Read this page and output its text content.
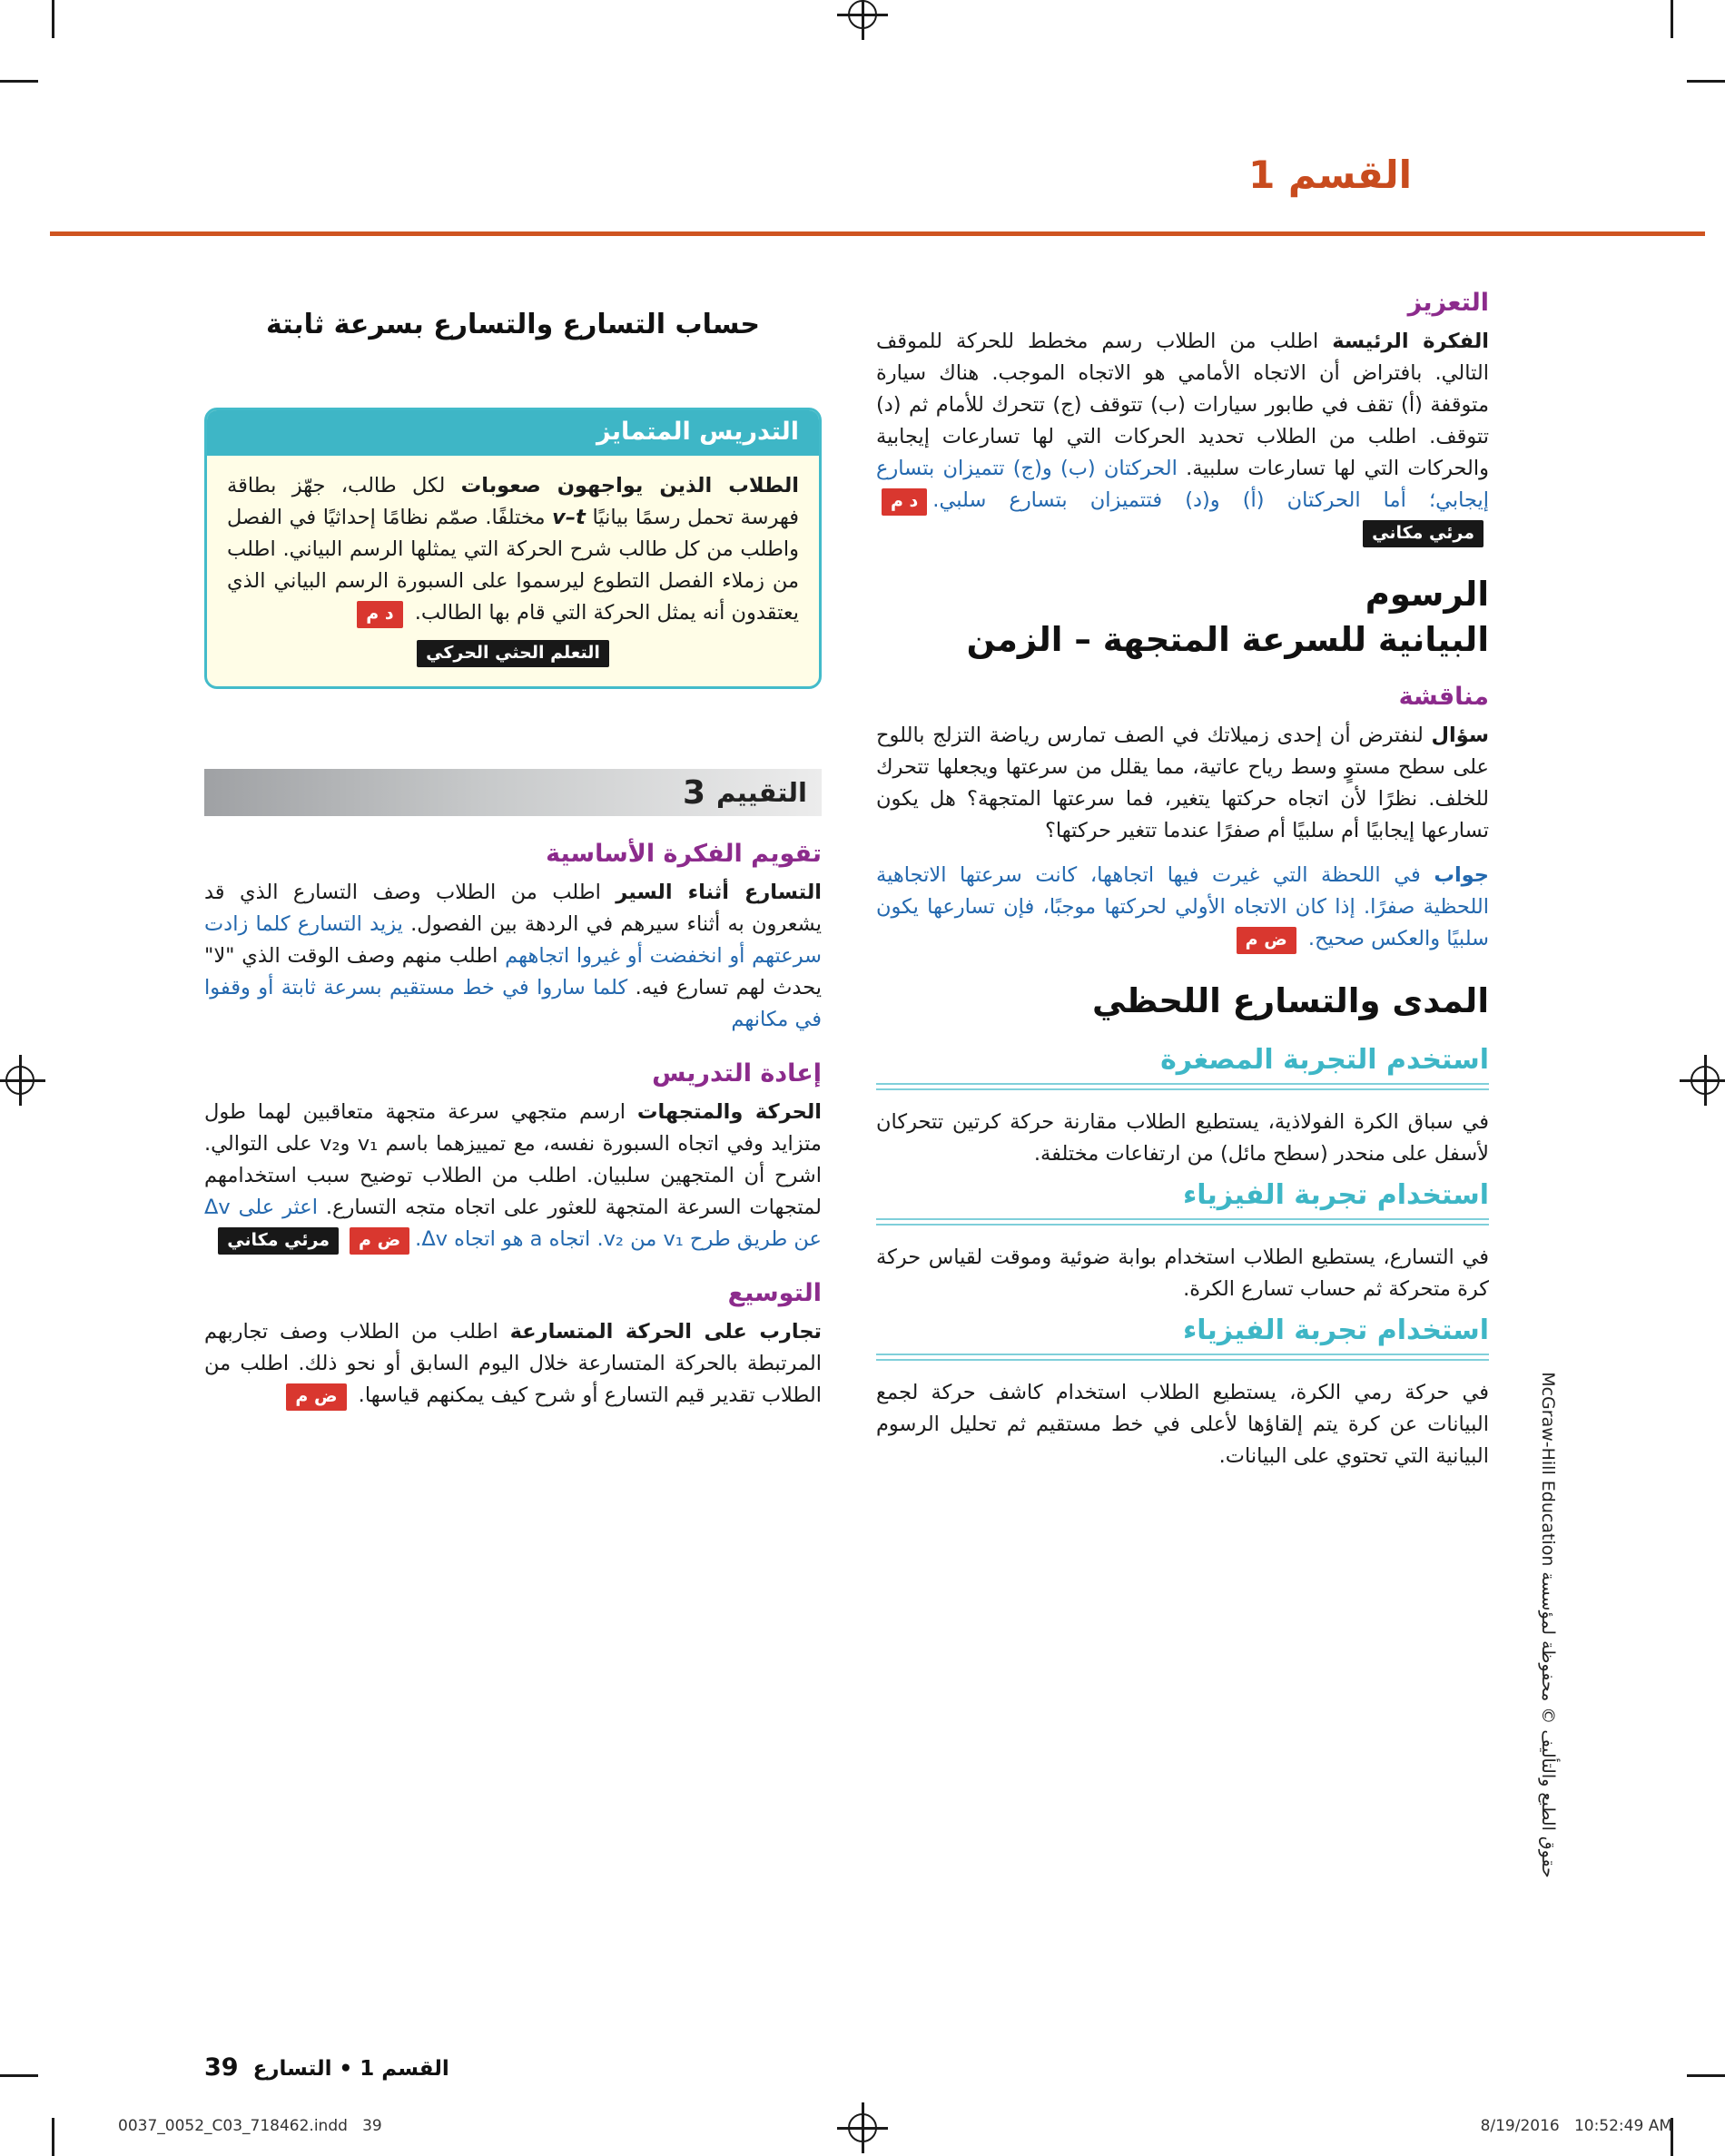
القسم 1
التعزيز

الفكرة الرئيسة اطلب من الطلاب رسم مخطط للحركة للموقف التالي. بافتراض أن الاتجاه الأمامي هو الاتجاه الموجب. هناك سيارة متوقفة (أ) تقف في طابور سيارات (ب) تتوقف (ج) تتحرك للأمام ثم (د) تتوقف. اطلب من الطلاب تحديد الحركات التي لها تسارعات إيجابية والحركات التي لها تسارعات سلبية. الحركتان (ب) و(ج) تتميزان بتسارع إيجابي؛ أما الحركتان (أ) و(د) فتتميزان بتسارع سلبي.د ممرئي مكاني

الرسوم
البيانية للسرعة المتجهة – الزمن
مناقشة

سؤال لنفترض أن إحدى زميلاتك في الصف تمارس رياضة التزلج باللوح على سطح مستوٍ وسط رياح عاتية، مما يقلل من سرعتها ويجعلها تتحرك للخلف. نظرًا لأن اتجاه حركتها يتغير، فما سرعتها المتجهة؟ هل يكون تسارعها إيجابيًا أم سلبيًا أم صفرًا عندما تتغير حركتها؟

جواب في اللحظة التي غيرت فيها اتجاهها، كانت سرعتها الاتجاهية اللحظية صفرًا. إذا كان الاتجاه الأولي لحركتها موجبًا، فإن تسارعها يكون سلبيًا والعكس صحيح. ض م

المدى والتسارع اللحظي
استخدم التجربة المصغرة

في سباق الكرة الفولاذية، يستطيع الطلاب مقارنة حركة كرتين تتحركان لأسفل على منحدر (سطح مائل) من ارتفاعات مختلفة.

استخدام تجربة الفيزياء

في التسارع، يستطيع الطلاب استخدام بوابة ضوئية وموقت لقياس حركة كرة متحركة ثم حساب تسارع الكرة.

استخدام تجربة الفيزياء

في حركة رمي الكرة، يستطيع الطلاب استخدام كاشف حركة لجمع البيانات عن كرة يتم إلقاؤها لأعلى في خط مستقيم ثم تحليل الرسوم البيانية التي تحتوي على البيانات.

حساب التسارع والتسارع بسرعة ثابتة
التدريس المتمايز
الطلاب الذين يواجهون صعوبات لكل طالب، جهّز بطاقة فهرسة تحمل رسمًا بيانيًا v–t مختلفًا. صمّم نظامًا إحداثيًا في الفصل واطلب من كل طالب شرح الحركة التي يمثلها الرسم البياني. اطلب من زملاء الفصل التطوع ليرسموا على السبورة الرسم البياني الذي يعتقدون أنه يمثل الحركة التي قام بها الطالب. د م
التعلم الحثي الحركي
3 التقييم
تقويم الفكرة الأساسية

التسارع أثناء السير اطلب من الطلاب وصف التسارع الذي قد يشعرون به أثناء سيرهم في الردهة بين الفصول. يزيد التسارع كلما زادت سرعتهم أو انخفضت أو غيروا اتجاههم اطلب منهم وصف الوقت الذي "لا" يحدث لهم تسارع فيه. كلما ساروا في خط مستقيم بسرعة ثابتة أو وقفوا في مكانهم

إعادة التدريس

الحركة والمتجهات ارسم متجهي سرعة متجهة متعاقبين لهما طول متزايد وفي اتجاه السبورة نفسه، مع تمييزهما باسم v₁ وv₂ على التوالي. اشرح أن المتجهين سلبيان. اطلب من الطلاب توضيح سبب استخدامهم لمتجهات السرعة المتجهة للعثور على اتجاه متجه التسارع. اعثر على Δv عن طريق طرح v₁ من v₂. اتجاه a هو اتجاه Δv.ض ممرئي مكاني

التوسيع

تجارب على الحركة المتسارعة اطلب من الطلاب وصف تجاربهم المرتبطة بالحركة المتسارعة خلال اليوم السابق أو نحو ذلك. اطلب من الطلاب تقدير قيم التسارع أو شرح كيف يمكنهم قياسها. ض م	حقوق الطبع والتأليف © محفوظة لمؤسسة McGraw-Hill Education
39 القسم 1 • التسارع
0037_0052_C03_718462.indd   39	8/19/2016   10:52:49 AM
